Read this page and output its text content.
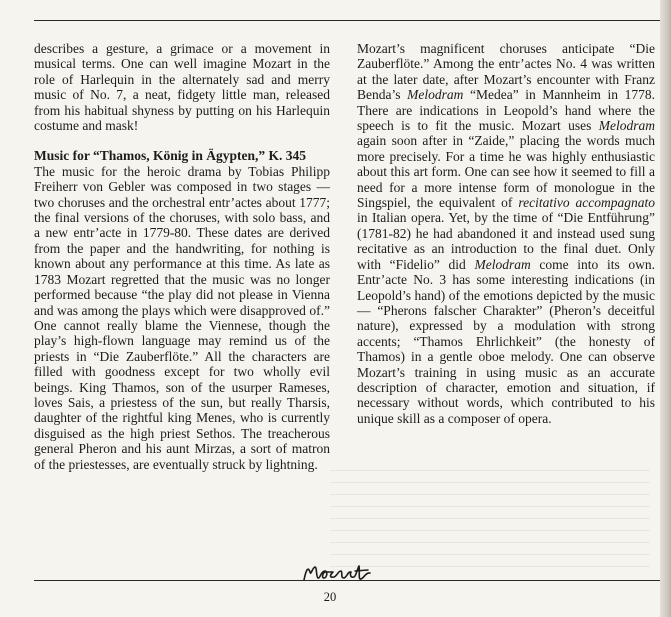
describes a gesture, a grimace or a movement in musical terms. One can well imagine Mozart in the role of Harlequin in the alternately sad and merry music of No. 7, a neat, fidgety little man, released from his habitual shyness by putting on his Harlequin costume and mask!

Music for “Thamos, König in Ägypten,” K. 345
The music for the heroic drama by Tobias Philipp Freiherr von Gebler was composed in two stages — two choruses and the orchestral entr’actes about 1777; the final versions of the choruses, with solo bass, and a new entr’acte in 1779-80. These dates are derived from the paper and the handwriting, for nothing is known about any performance at this time. As late as 1783 Mozart regretted that the music was no longer performed because “the play did not please in Vienna and was among the plays which were disapproved of.” One cannot really blame the Viennese, though the play’s high-flown language may remind us of the priests in “Die Zauberflöte.” All the characters are filled with goodness except for two wholly evil beings. King Thamos, son of the usurper Rameses, loves Sais, a priestess of the sun, but really Tharsis, daughter of the rightful king Menes, who is currently disguised as the high priest Sethos. The treacherous general Pheron and his aunt Mirzas, a sort of matron of the priestesses, are eventually struck by lightning.

Mozart’s magnificent choruses anticipate “Die Zauberflöte.” Among the entr’actes No. 4 was written at the later date, after Mozart’s encounter with Franz Benda’s Melodram “Medea” in Mannheim in 1778. There are indications in Leopold’s hand where the speech is to fit the music. Mozart uses Melodram again soon after in “Zaide,” placing the words much more precisely. For a time he was highly enthusiastic about this art form. One can see how it seemed to fill a need for a more intense form of monologue in the Singspiel, the equivalent of recitativo accompagnato in Italian opera. Yet, by the time of “Die Entführung” (1781-82) he had abandoned it and instead used sung recitative as an introduction to the final duet. Only with “Fidelio” did Melodram come into its own. Entr’acte No. 3 has some interesting indications (in Leopold’s hand) of the emotions depicted by the music — “Pherons falscher Charakter” (Pheron’s deceitful nature), expressed by a modulation with strong accents; “Thamos Ehrlichkeit” (the honesty of Thamos) in a gentle oboe melody. One can observe Mozart’s training in using music as an accurate description of character, emotion and situation, if necessary without words, which contributed to his unique skill as a composer of opera.

20
